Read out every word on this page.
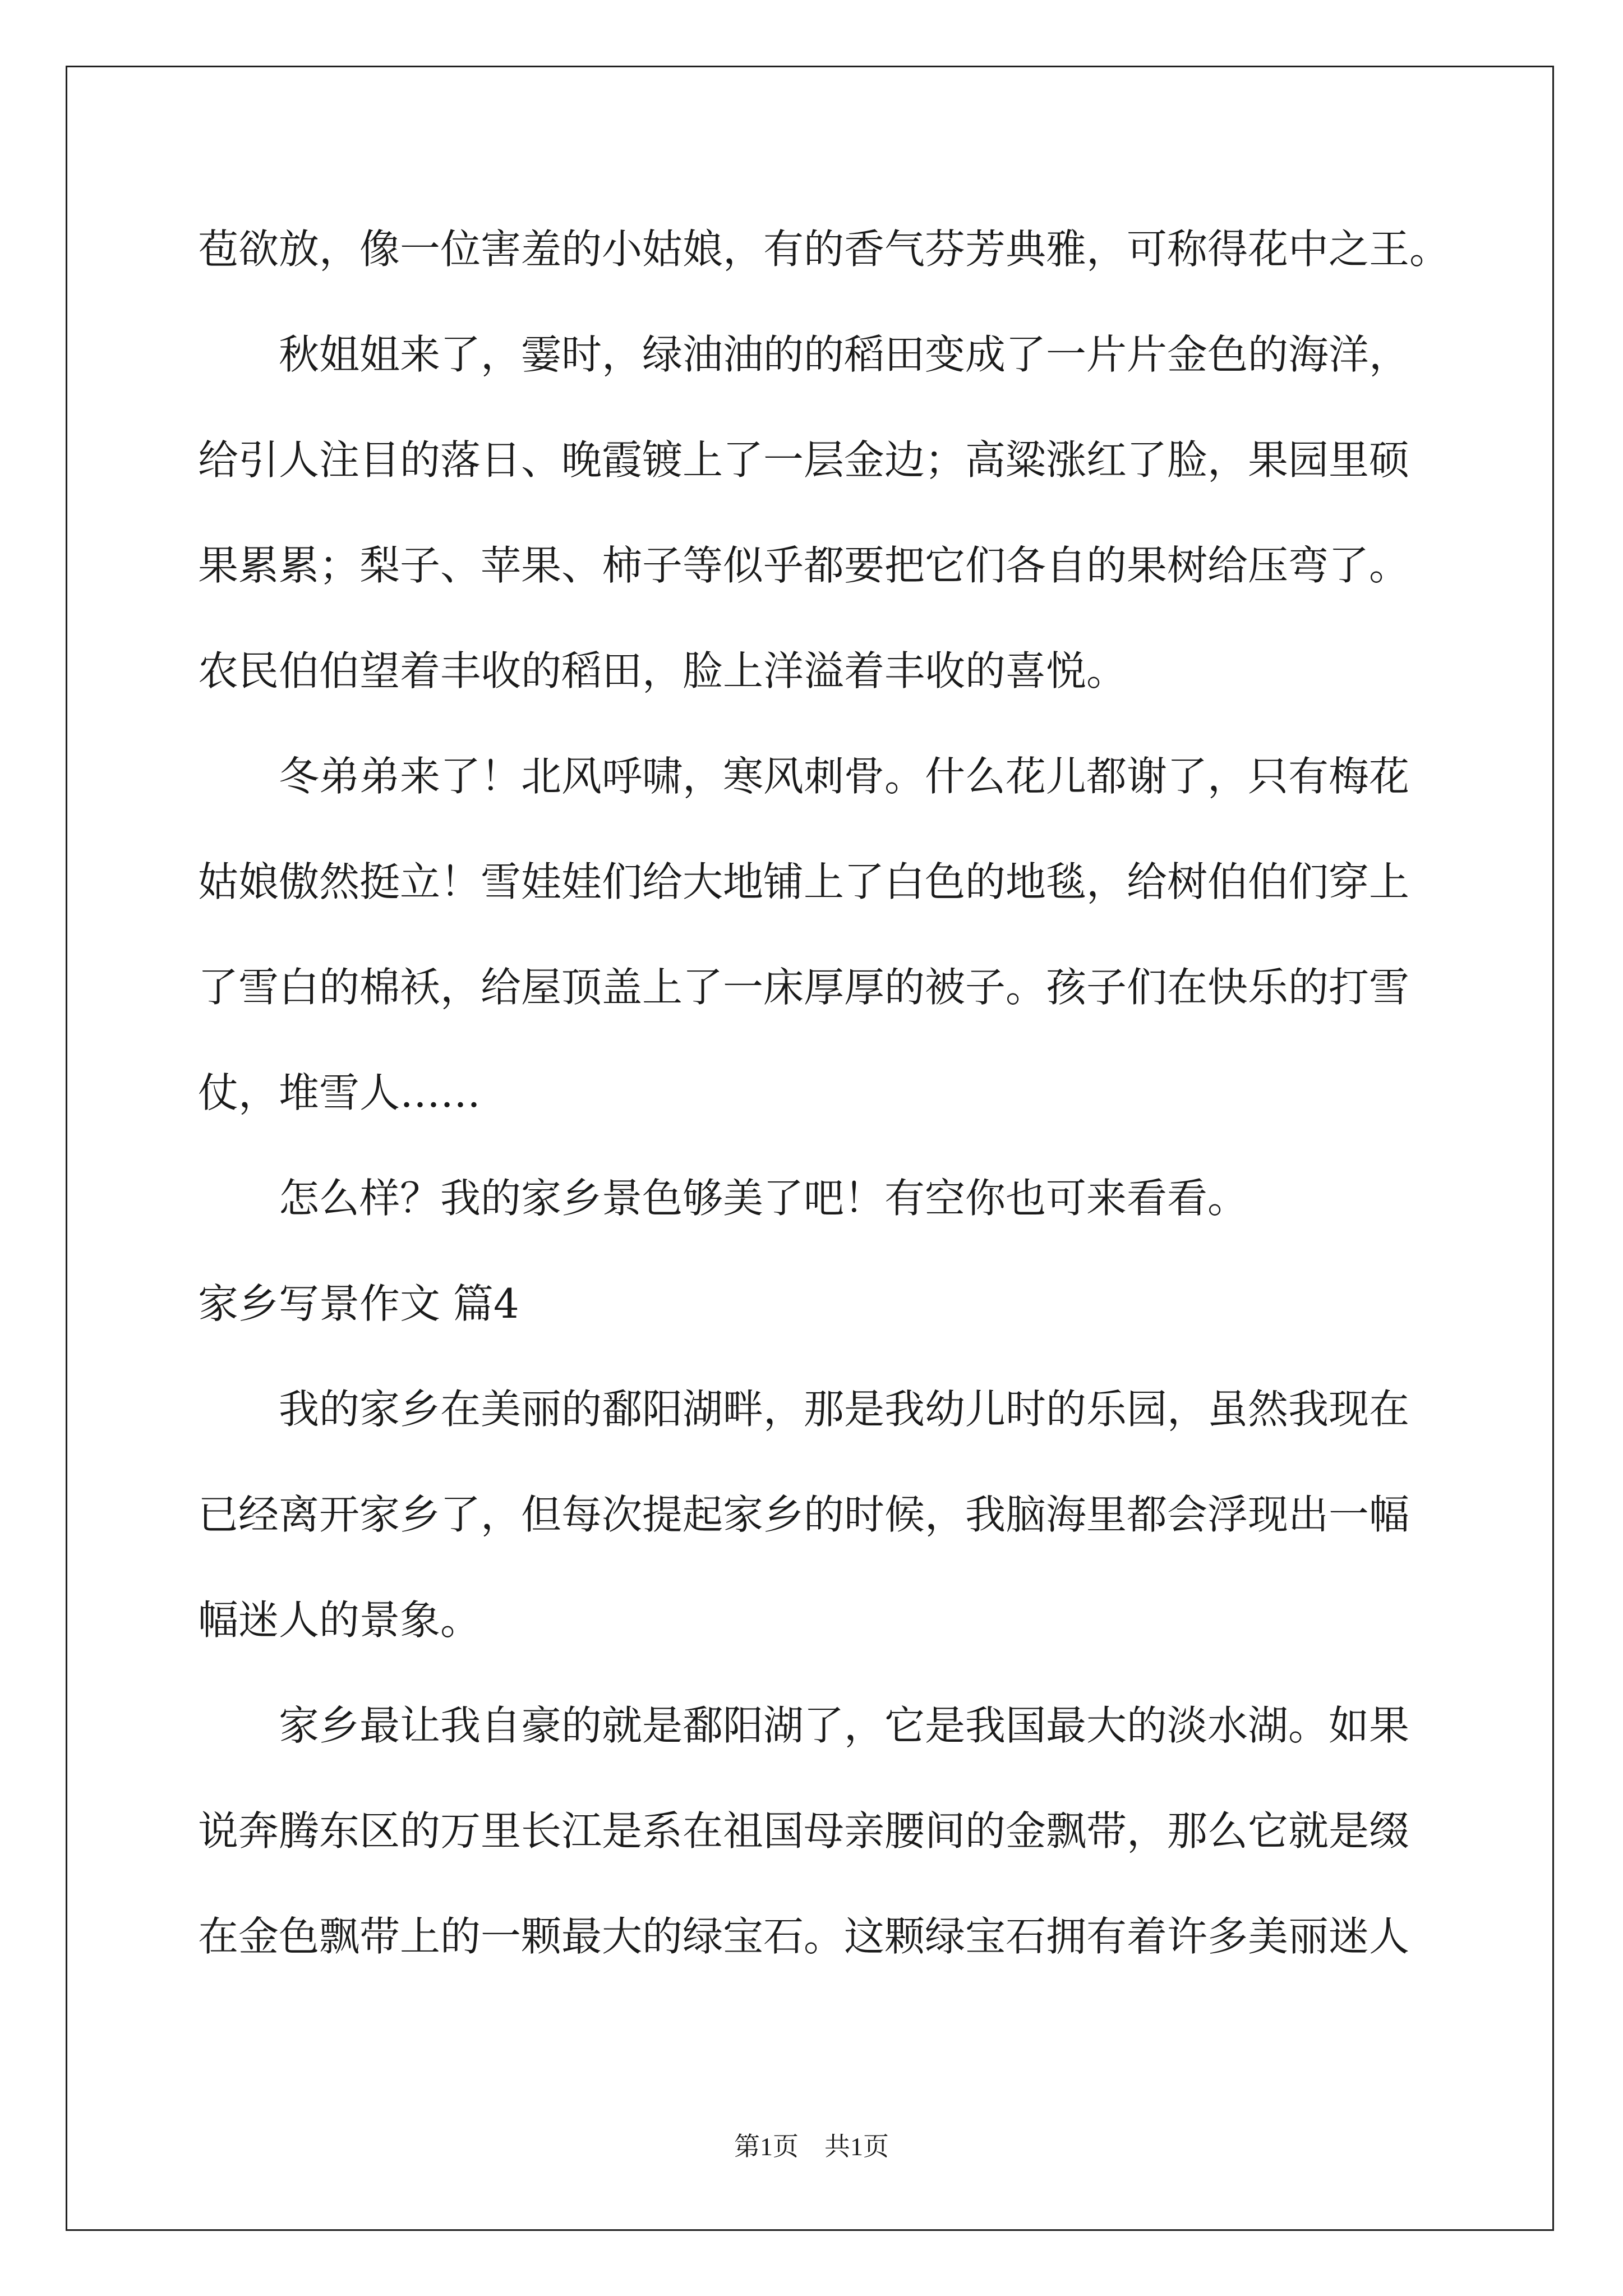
苞欲放，像一位害羞的小姑娘，有的香气芬芳典雅，可称得花中之王。
秋姐姐来了，霎时，绿油油的的稻田变成了一片片金色的海洋，
给引人注目的落日、晚霞镀上了一层金边；高粱涨红了脸，果园里硕
果累累；梨子、苹果、柿子等似乎都要把它们各自的果树给压弯了。
农民伯伯望着丰收的稻田，脸上洋溢着丰收的喜悦。
冬弟弟来了！北风呼啸，寒风刺骨。什么花儿都谢了，只有梅花
姑娘傲然挺立！雪娃娃们给大地铺上了白色的地毯，给树伯伯们穿上
了雪白的棉袄，给屋顶盖上了一床厚厚的被子。孩子们在快乐的打雪
仗，堆雪人……
怎么样？我的家乡景色够美了吧！有空你也可来看看。
家乡写景作文 篇4
我的家乡在美丽的鄱阳湖畔，那是我幼儿时的乐园，虽然我现在
已经离开家乡了，但每次提起家乡的时候，我脑海里都会浮现出一幅
幅迷人的景象。
家乡最让我自豪的就是鄱阳湖了，它是我国最大的淡水湖。如果
说奔腾东区的万里长江是系在祖国母亲腰间的金飘带，那么它就是缀
在金色飘带上的一颗最大的绿宝石。这颗绿宝石拥有着许多美丽迷人
第1页　共1页
